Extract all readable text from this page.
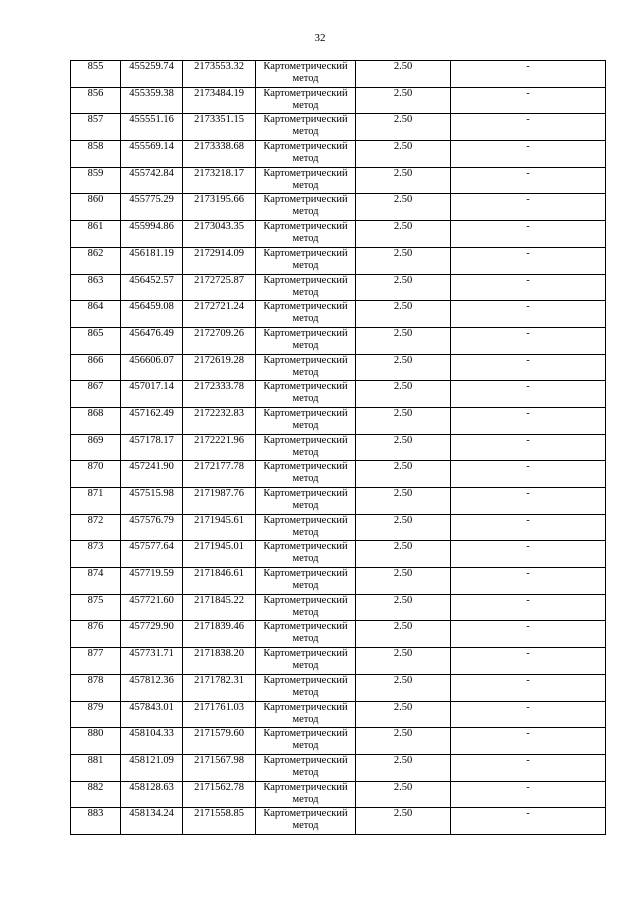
32
855	455259.74	2173553.32	Картометрический метод	2.50	-
856	455359.38	2173484.19	Картометрический метод	2.50	-
857	455551.16	2173351.15	Картометрический метод	2.50	-
858	455569.14	2173338.68	Картометрический метод	2.50	-
859	455742.84	2173218.17	Картометрический метод	2.50	-
860	455775.29	2173195.66	Картометрический метод	2.50	-
861	455994.86	2173043.35	Картометрический метод	2.50	-
862	456181.19	2172914.09	Картометрический метод	2.50	-
863	456452.57	2172725.87	Картометрический метод	2.50	-
864	456459.08	2172721.24	Картометрический метод	2.50	-
865	456476.49	2172709.26	Картометрический метод	2.50	-
866	456606.07	2172619.28	Картометрический метод	2.50	-
867	457017.14	2172333.78	Картометрический метод	2.50	-
868	457162.49	2172232.83	Картометрический метод	2.50	-
869	457178.17	2172221.96	Картометрический метод	2.50	-
870	457241.90	2172177.78	Картометрический метод	2.50	-
871	457515.98	2171987.76	Картометрический метод	2.50	-
872	457576.79	2171945.61	Картометрический метод	2.50	-
873	457577.64	2171945.01	Картометрический метод	2.50	-
874	457719.59	2171846.61	Картометрический метод	2.50	-
875	457721.60	2171845.22	Картометрический метод	2.50	-
876	457729.90	2171839.46	Картометрический метод	2.50	-
877	457731.71	2171838.20	Картометрический метод	2.50	-
878	457812.36	2171782.31	Картометрический метод	2.50	-
879	457843.01	2171761.03	Картометрический метод	2.50	-
880	458104.33	2171579.60	Картометрический метод	2.50	-
881	458121.09	2171567.98	Картометрический метод	2.50	-
882	458128.63	2171562.78	Картометрический метод	2.50	-
883	458134.24	2171558.85	Картометрический метод	2.50	-
